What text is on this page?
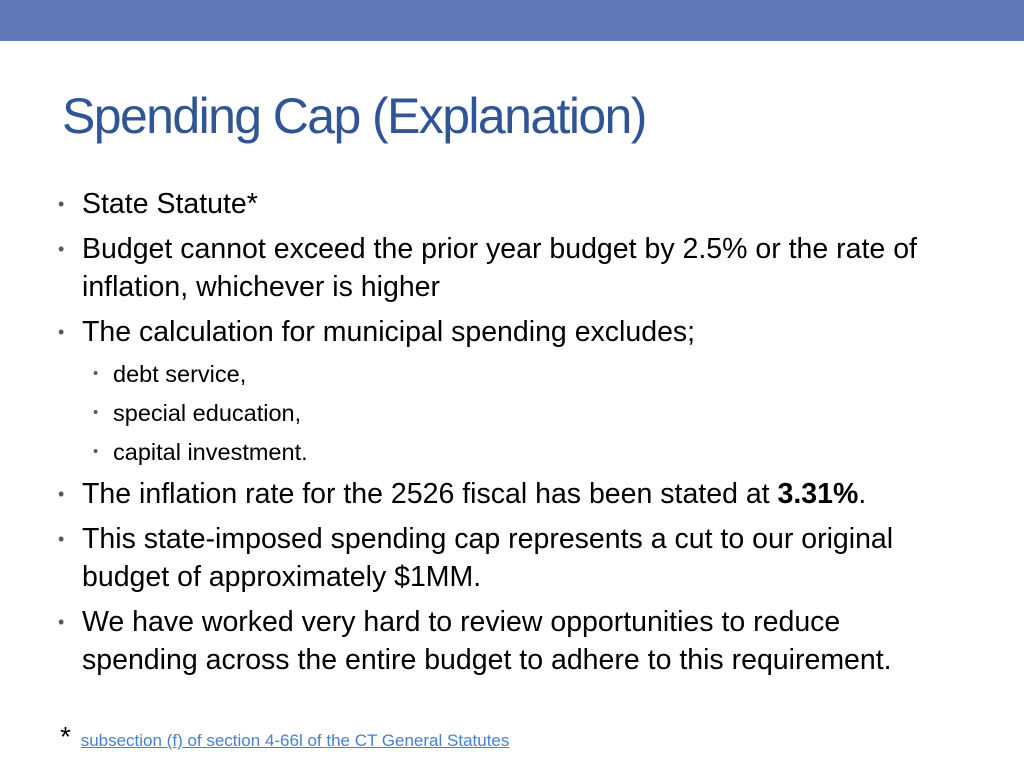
Spending Cap (Explanation)
• State Statute*
• Budget cannot exceed the prior year budget by 2.5% or the rate of inflation, whichever is higher
• The calculation for municipal spending excludes;
• debt service,
• special education,
• capital investment.
• The inflation rate for the 2526 fiscal has been stated at 3.31%.
• This state-imposed spending cap represents a cut to our original budget of approximately $1MM.
• We have worked very hard to review opportunities to reduce spending across the entire budget to adhere to this requirement.
* subsection (f) of section 4-66l of the CT General Statutes
